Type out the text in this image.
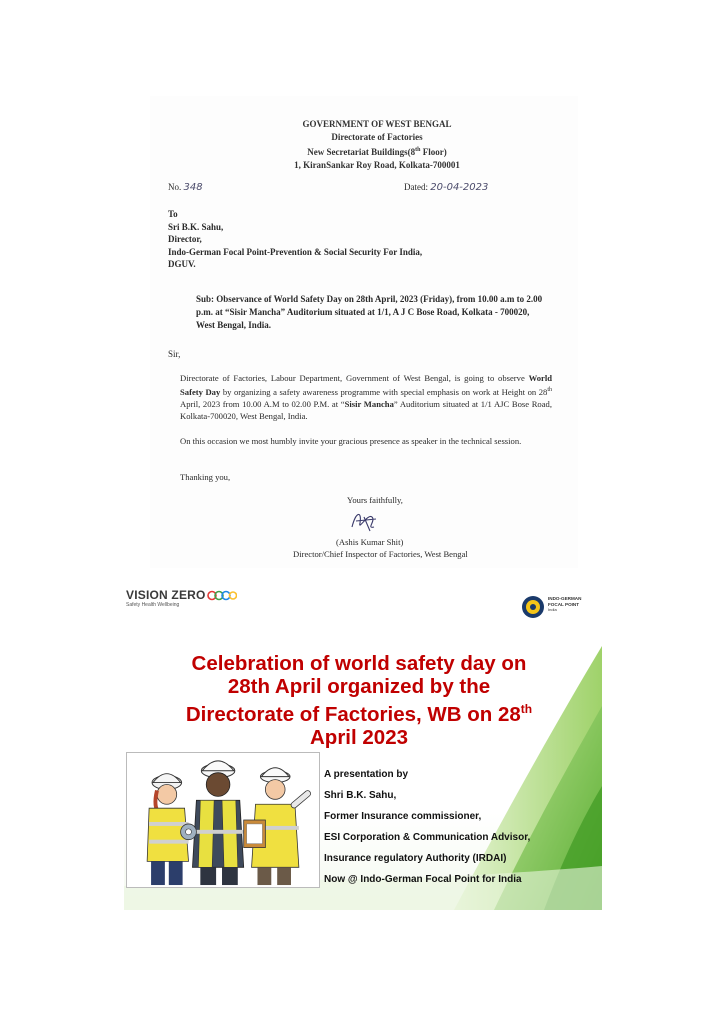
GOVERNMENT OF WEST BENGAL
Directorate of Factories
New Secretariat Buildings(8th Floor)
1, KiranSankar Roy Road, Kolkata-700001
No. 348	Dated: 20-04-2023
To
Sri B.K. Sahu,
Director,
Indo-German Focal Point-Prevention & Social Security For India,
DGUV.
Sub: Observance of World Safety Day on 28th April, 2023 (Friday), from 10.00 a.m to 2.00 p.m. at “Sisir Mancha” Auditorium situated at 1/1, A J C Bose Road, Kolkata - 700020, West Bengal, India.
Sir,
Directorate of Factories, Labour Department, Government of West Bengal, is going to observe World Safety Day by organizing a safety awareness programme with special emphasis on work at Height on 28th April, 2023 from 10.00 A.M to 02.00 P.M. at “Sisir Mancha” Auditorium situated at 1/1 AJC Bose Road, Kolkata-700020, West Bengal, India.
On this occasion we most humbly invite your gracious presence as speaker in the technical session.
Thanking you,
Yours faithfully,
(Ashis Kumar Shit)
Director/Chief Inspector of Factories, West Bengal
VISION ZERO
Safety Health Wellbeing
INDO-GERMAN
FOCAL POINT
India
Celebration of world safety day on
28th April organized by the
Directorate of Factories, WB on 28th
April 2023
A presentation by
Shri B.K. Sahu,
Former Insurance commissioner,
ESI Corporation & Communication Advisor,
Insurance regulatory Authority (IRDAI)
Now @ Indo-German Focal Point for India
